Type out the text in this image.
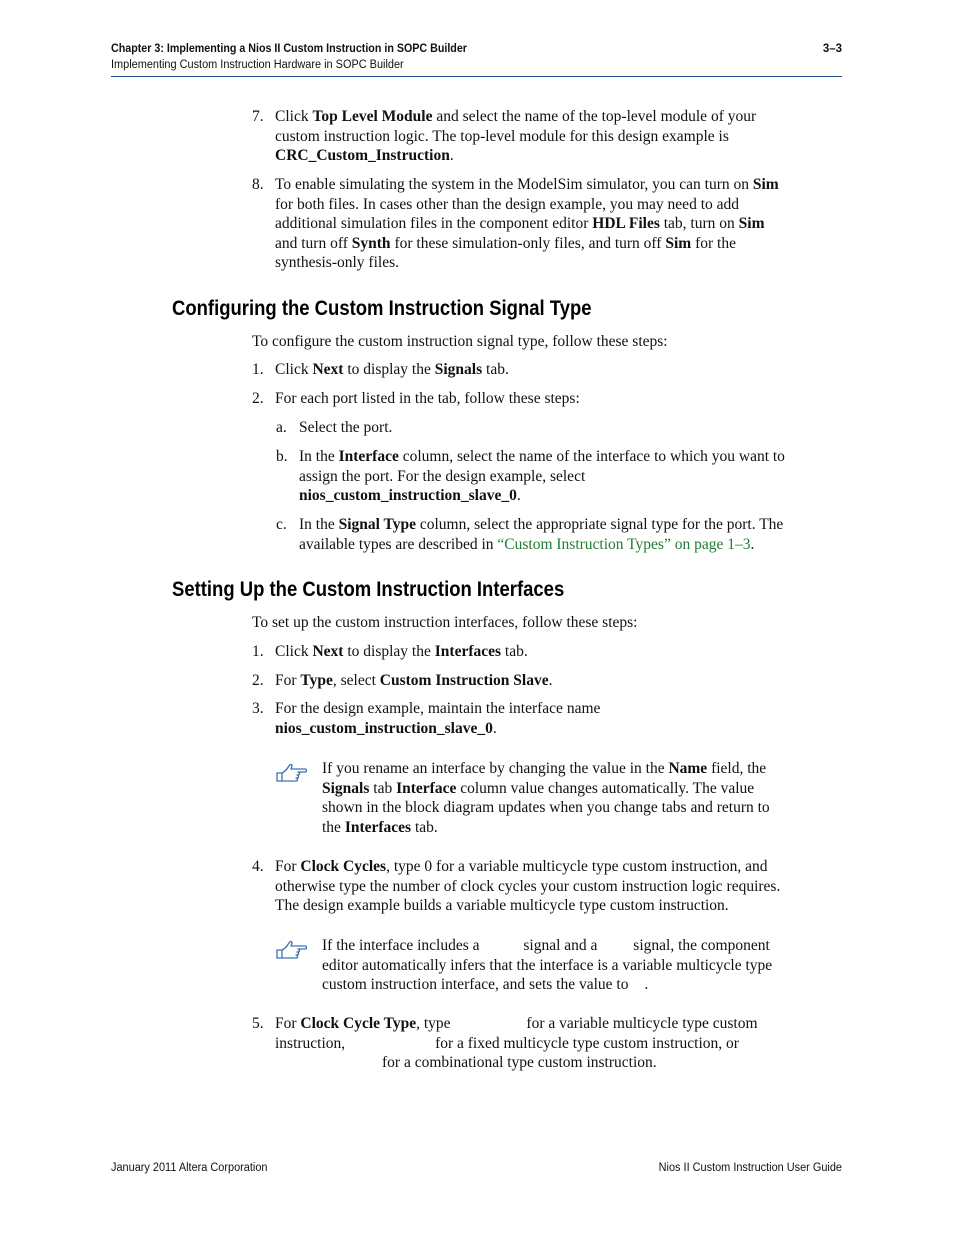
Chapter 3: Implementing a Nios II Custom Instruction in SOPC Builder	3–3
Implementing Custom Instruction Hardware in SOPC Builder
7. Click Top Level Module and select the name of the top-level module of your
custom instruction logic. The top-level module for this design example is
CRC_Custom_Instruction.
8. To enable simulating the system in the ModelSim simulator, you can turn on Sim
for both files. In cases other than the design example, you may need to add
additional simulation files in the component editor HDL Files tab, turn on Sim
and turn off Synth for these simulation-only files, and turn off Sim for the
synthesis-only files.
Configuring the Custom Instruction Signal Type
To configure the custom instruction signal type, follow these steps:
1. Click Next to display the Signals tab.
2. For each port listed in the tab, follow these steps:
a. Select the port.
b. In the Interface column, select the name of the interface to which you want to
assign the port. For the design example, select
nios_custom_instruction_slave_0.
c. In the Signal Type column, select the appropriate signal type for the port. The
available types are described in “Custom Instruction Types” on page 1–3.
Setting Up the Custom Instruction Interfaces
To set up the custom instruction interfaces, follow these steps:
1. Click Next to display the Interfaces tab.
2. For Type, select Custom Instruction Slave.
3. For the design example, maintain the interface name
nios_custom_instruction_slave_0.
If you rename an interface by changing the value in the Name field, the
Signals tab Interface column value changes automatically. The value
shown in the block diagram updates when you change tabs and return to
the Interfaces tab.
4. For Clock Cycles, type 0 for a variable multicycle type custom instruction, and
otherwise type the number of clock cycles your custom instruction logic requires.
The design example builds a variable multicycle type custom instruction.
If the interface includes a	signal and a signal, the component
editor automatically infers that the interface is a variable multicycle type
custom instruction interface, and sets the value to .
5. For Clock Cycle Type, type	for a variable multicycle type custom
instruction,	for a fixed multicycle type custom instruction, or
for a combinational type custom instruction.
January 2011 Altera Corporation	Nios II Custom Instruction User Guide
